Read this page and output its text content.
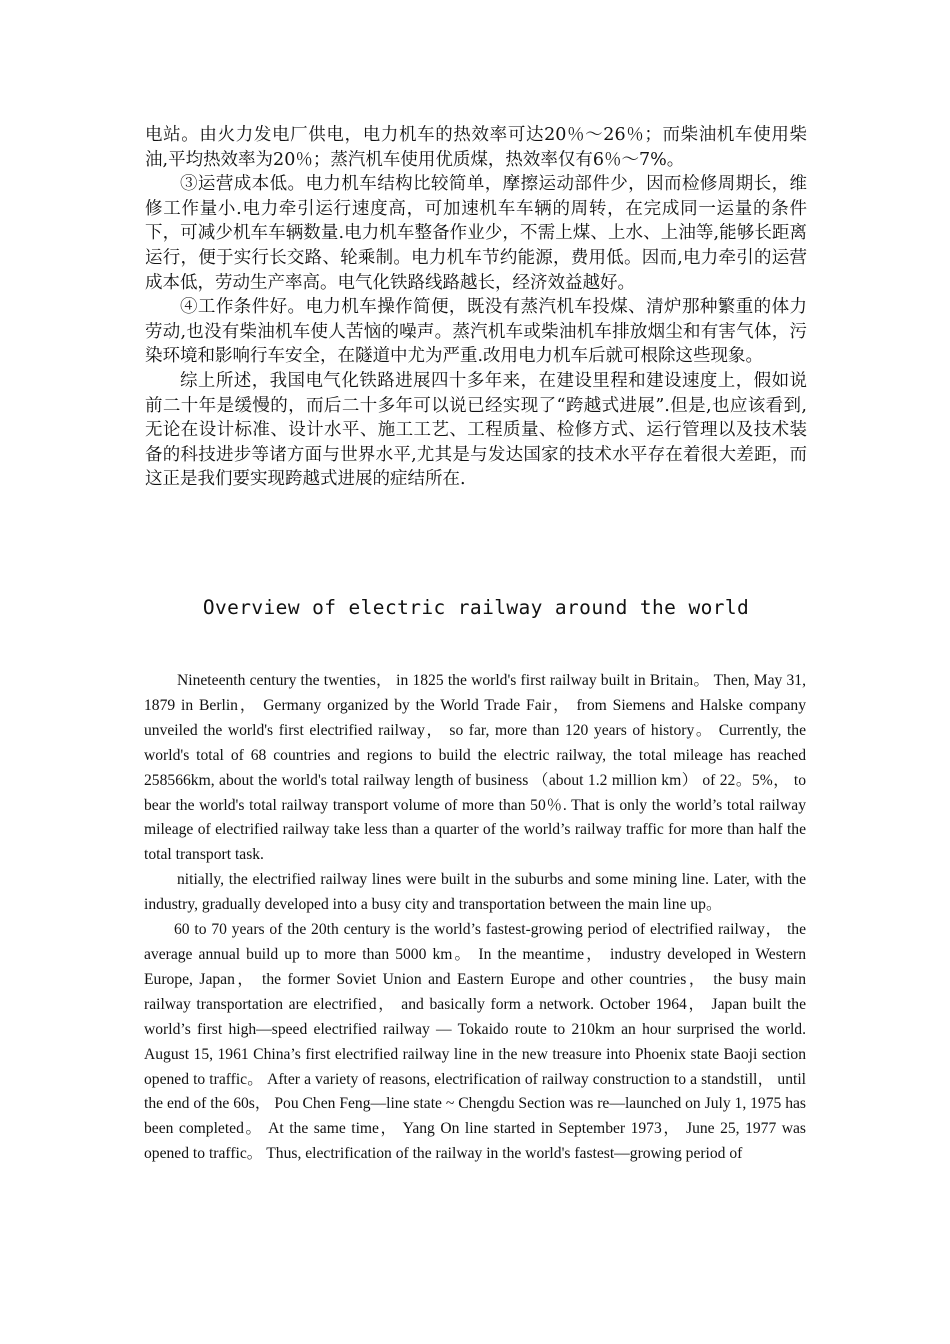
电站。由火力发电厂供电，电力机车的热效率可达20％～26％；而柴油机车使用柴油,平均热效率为20％；蒸汽机车使用优质煤，热效率仅有6％～7%。

③运营成本低。电力机车结构比较简单，摩擦运动部件少，因而检修周期长，维修工作量小.电力牵引运行速度高，可加速机车车辆的周转，在完成同一运量的条件下，可减少机车车辆数量.电力机车整备作业少，不需上煤、上水、上油等,能够长距离运行，便于实行长交路、轮乘制。电力机车节约能源，费用低。因而,电力牵引的运营成本低，劳动生产率高。电气化铁路线路越长，经济效益越好。

④工作条件好。电力机车操作简便，既没有蒸汽机车投煤、清炉那种繁重的体力劳动,也没有柴油机车使人苦恼的噪声。蒸汽机车或柴油机车排放烟尘和有害气体，污染环境和影响行车安全，在隧道中尤为严重.改用电力机车后就可根除这些现象。

综上所述，我国电气化铁路进展四十多年来，在建设里程和建设速度上，假如说前二十年是缓慢的，而后二十多年可以说已经实现了“跨越式进展”.但是,也应该看到,无论在设计标准、设计水平、施工工艺、工程质量、检修方式、运行管理以及技术装备的科技进步等诸方面与世界水平,尤其是与发达国家的技术水平存在着很大差距，而这正是我们要实现跨越式进展的症结所在.

Overview of electric railway around the world

Nineteenth century the twenties， in 1825 the world's first railway built in Britain。 Then, May 31, 1879 in Berlin， Germany organized by the World Trade Fair， from Siemens and Halske company unveiled the world's first electrified railway， so far, more than 120 years of history。 Currently, the world's total of 68 countries and regions to build the electric railway, the total mileage has reached 258566km, about the world's total railway length of business （about 1.2 million km） of 22。5%， to bear the world's total railway transport volume of more than 50％. That is only the world’s total railway mileage of electrified railway take less than a quarter of the world’s railway traffic for more than half the total transport task.

nitially, the electrified railway lines were built in the suburbs and some mining line. Later, with the industry, gradually developed into a busy city and transportation between the main line up。

60 to 70 years of the 20th century is the world’s fastest-growing period of electrified railway， the average annual build up to more than 5000 km。 In the meantime， industry developed in Western Europe, Japan， the former Soviet Union and Eastern Europe and other countries， the busy main railway transportation are electrified， and basically form a network. October 1964， Japan built the world’s first high—speed electrified railway — Tokaido route to 210km an hour surprised the world. August 15, 1961 China’s first electrified railway line in the new treasure into Phoenix state Baoji section opened to traffic。 After a variety of reasons, electrification of railway construction to a standstill， until the end of the 60s， Pou Chen Feng—line state ~ Chengdu Section was re—launched on July 1, 1975 has been completed。 At the same time， Yang On line started in September 1973， June 25, 1977 was opened to traffic。 Thus, electrification of the railway in the world's fastest—growing period of
